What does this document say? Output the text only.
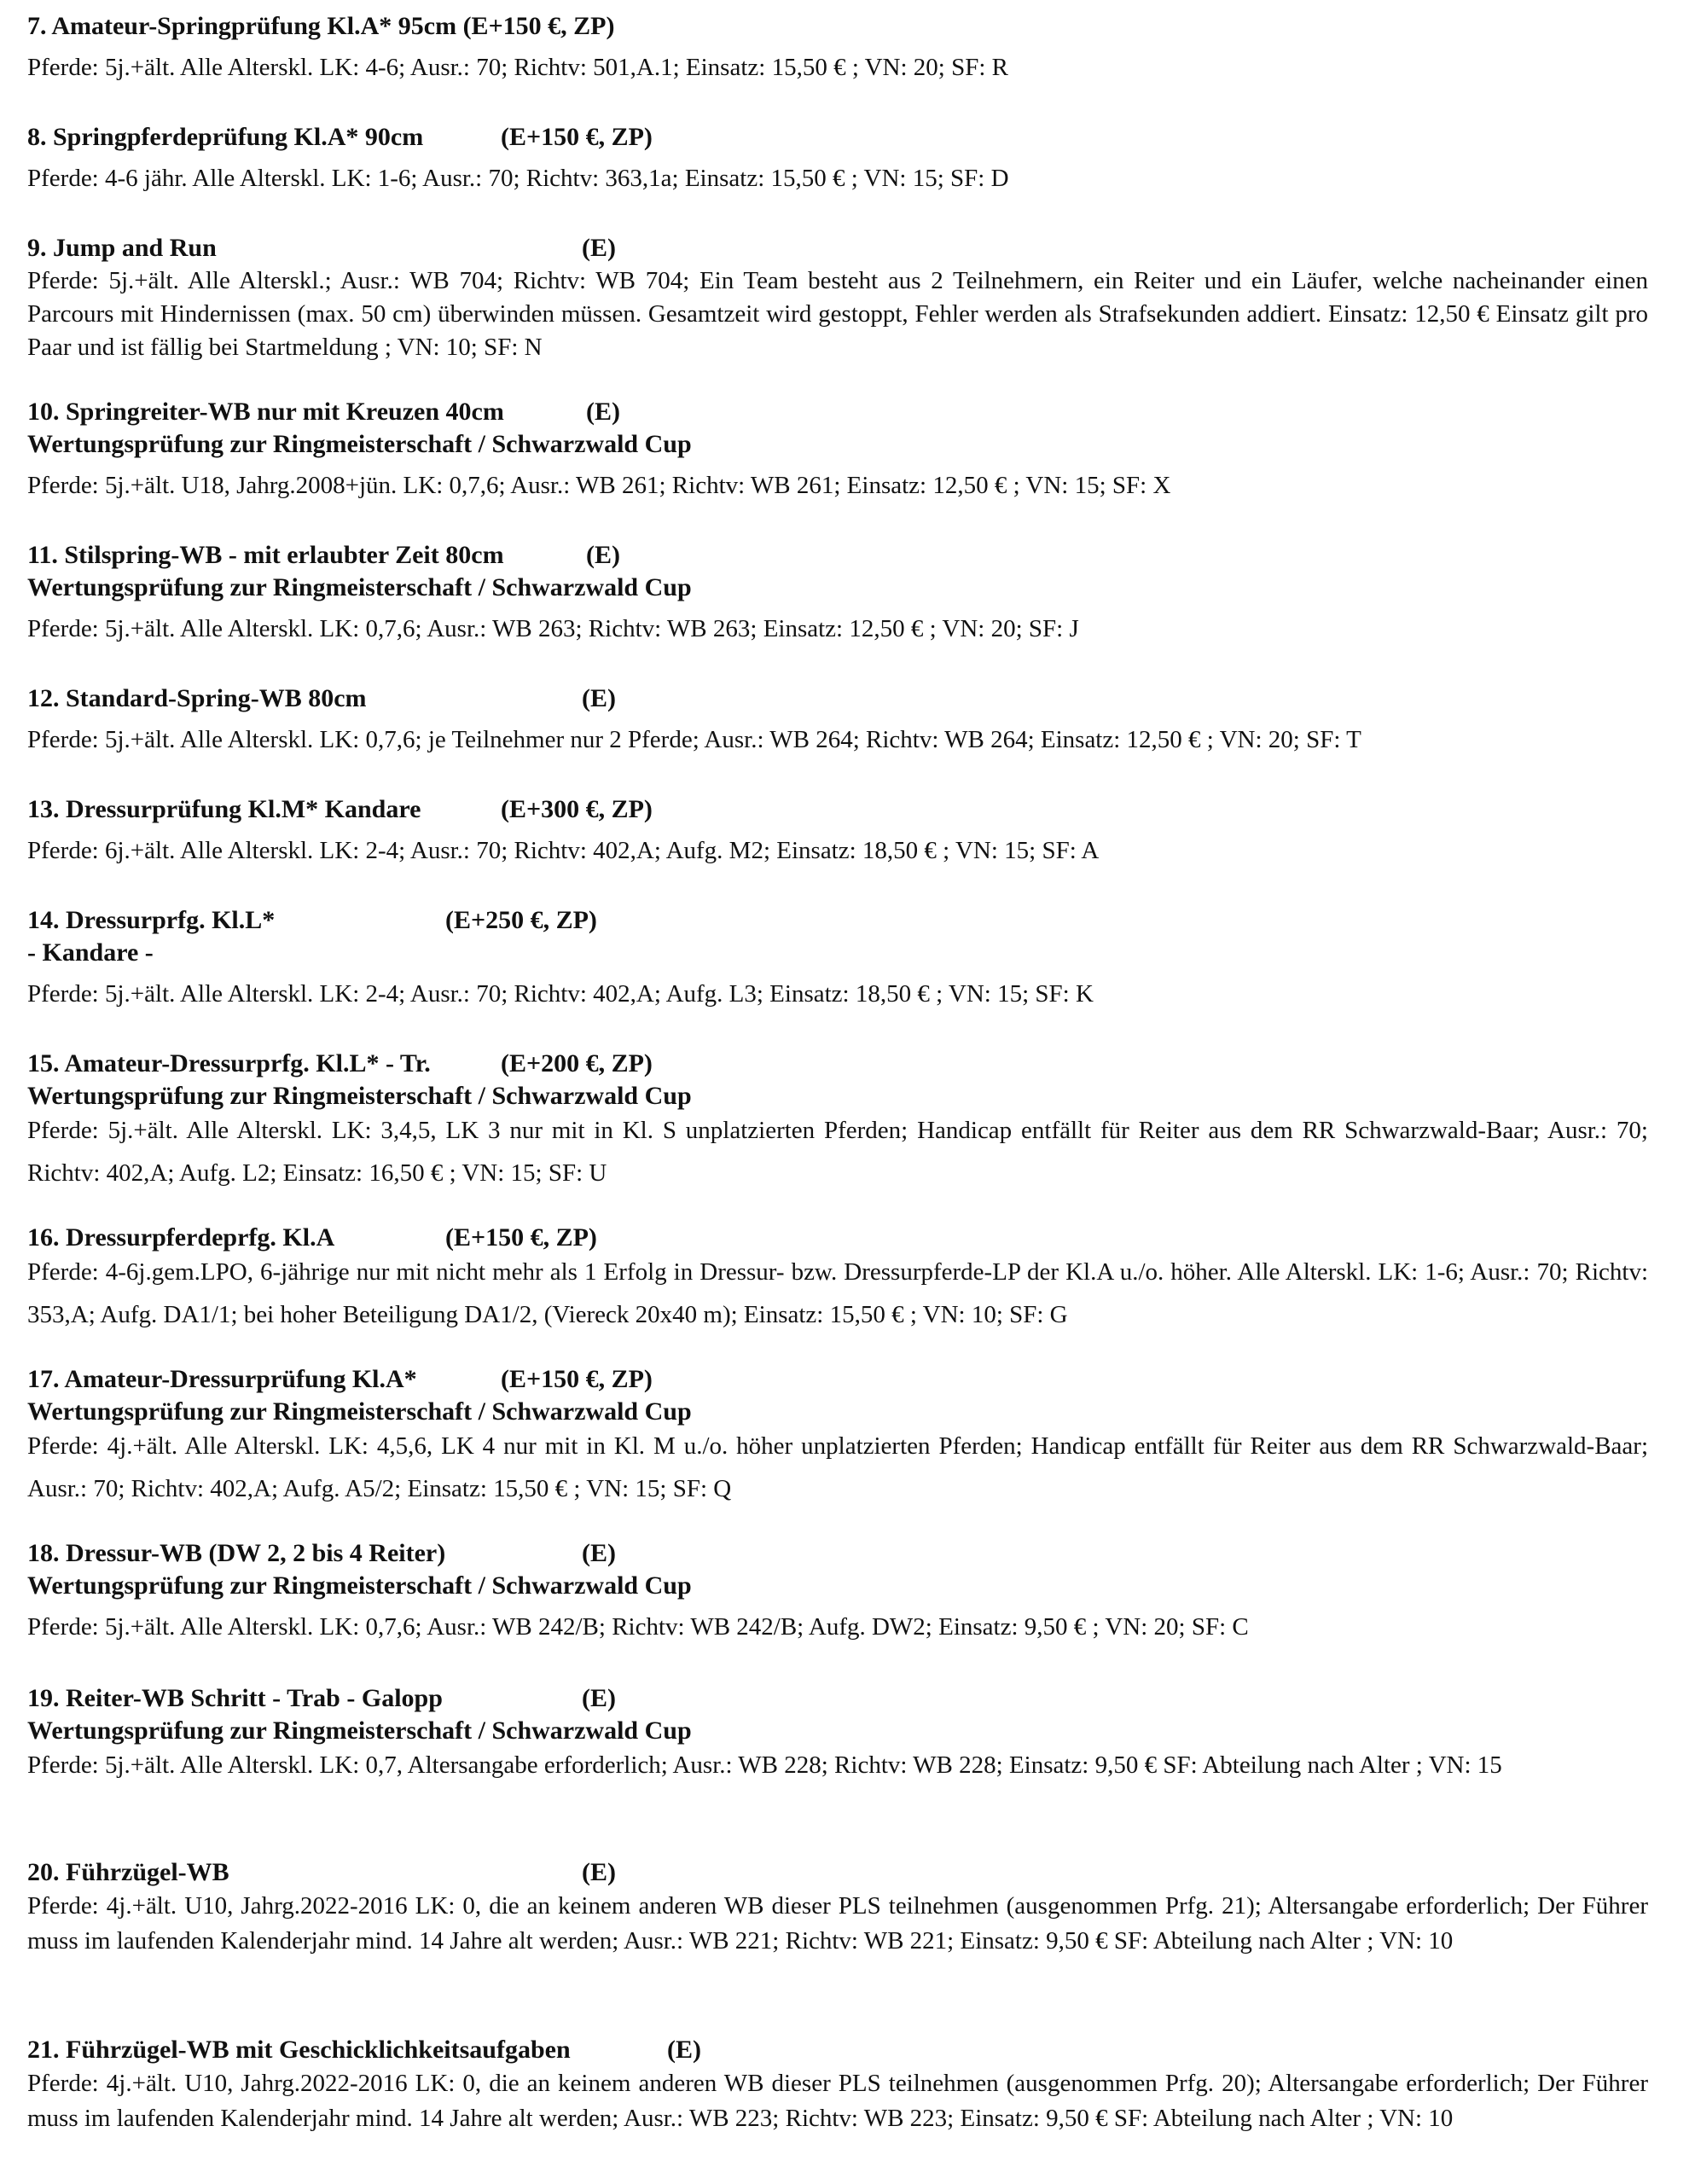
7. Amateur-Springprüfung Kl.A* 95cm (E+150 €, ZP)

Pferde: 5j.+ält. Alle Alterskl. LK: 4-6; Ausr.: 70; Richtv: 501,A.1; Einsatz: 15,50 € ; VN: 20; SF: R

8. Springpferdeprüfung Kl.A* 90cm	(E+150 €, ZP)

Pferde: 4-6 jähr. Alle Alterskl. LK: 1-6; Ausr.: 70; Richtv: 363,1a; Einsatz: 15,50 € ; VN: 15; SF: D

9. Jump and Run	(E)

Pferde: 5j.+ält. Alle Alterskl.; Ausr.: WB 704; Richtv: WB 704; Ein Team besteht aus 2 Teilnehmern, ein Reiter und ein Läufer, welche nacheinander einen Parcours mit Hindernissen (max. 50 cm) überwinden müssen. Gesamtzeit wird gestoppt, Fehler werden als Strafsekunden addiert. Einsatz: 12,50 € Einsatz gilt pro Paar und ist fällig bei Startmeldung ; VN: 10; SF: N

10. Springreiter-WB nur mit Kreuzen 40cm	(E)

Wertungsprüfung zur Ringmeisterschaft / Schwarzwald Cup

Pferde: 5j.+ält. U18, Jahrg.2008+jün. LK: 0,7,6; Ausr.: WB 261; Richtv: WB 261; Einsatz: 12,50 € ; VN: 15; SF: X

11. Stilspring-WB - mit erlaubter Zeit 80cm	(E)

Wertungsprüfung zur Ringmeisterschaft / Schwarzwald Cup

Pferde: 5j.+ält. Alle Alterskl. LK: 0,7,6; Ausr.: WB 263; Richtv: WB 263; Einsatz: 12,50 € ; VN: 20; SF: J

12. Standard-Spring-WB 80cm	(E)

Pferde: 5j.+ält. Alle Alterskl. LK: 0,7,6; je Teilnehmer nur 2 Pferde; Ausr.: WB 264; Richtv: WB 264; Einsatz: 12,50 € ; VN: 20; SF: T

13. Dressurprüfung Kl.M* Kandare	(E+300 €, ZP)

Pferde: 6j.+ält. Alle Alterskl. LK: 2-4; Ausr.: 70; Richtv: 402,A; Aufg. M2; Einsatz: 18,50 € ; VN: 15; SF: A

14. Dressurprfg. Kl.L*	(E+250 €, ZP)

- Kandare -

Pferde: 5j.+ält. Alle Alterskl. LK: 2-4; Ausr.: 70; Richtv: 402,A; Aufg. L3; Einsatz: 18,50 € ; VN: 15; SF: K

15. Amateur-Dressurprfg. Kl.L* - Tr.	(E+200 €, ZP)

Wertungsprüfung zur Ringmeisterschaft / Schwarzwald Cup

Pferde: 5j.+ält. Alle Alterskl. LK: 3,4,5, LK 3 nur mit in Kl. S unplatzierten Pferden; Handicap entfällt für Reiter aus dem RR Schwarzwald-Baar; Ausr.: 70; Richtv: 402,A; Aufg. L2; Einsatz: 16,50 € ; VN: 15; SF: U

16. Dressurpferdeprfg. Kl.A	(E+150 €, ZP)

Pferde: 4-6j.gem.LPO, 6-jährige nur mit nicht mehr als 1 Erfolg in Dressur- bzw. Dressurpferde-LP der Kl.A u./o. höher. Alle Alterskl. LK: 1-6; Ausr.: 70; Richtv: 353,A; Aufg. DA1/1; bei hoher Beteiligung DA1/2, (Viereck 20x40 m); Einsatz: 15,50 € ; VN: 10; SF: G

17. Amateur-Dressurprüfung Kl.A*	(E+150 €, ZP)

Wertungsprüfung zur Ringmeisterschaft / Schwarzwald Cup

Pferde: 4j.+ält. Alle Alterskl. LK: 4,5,6, LK 4 nur mit in Kl. M u./o. höher unplatzierten Pferden; Handicap entfällt für Reiter aus dem RR Schwarzwald-Baar; Ausr.: 70; Richtv: 402,A; Aufg. A5/2; Einsatz: 15,50 € ; VN: 15; SF: Q

18. Dressur-WB (DW 2, 2 bis 4 Reiter)	(E)

Wertungsprüfung zur Ringmeisterschaft / Schwarzwald Cup

Pferde: 5j.+ält. Alle Alterskl. LK: 0,7,6; Ausr.: WB 242/B; Richtv: WB 242/B; Aufg. DW2; Einsatz: 9,50 € ; VN: 20; SF: C

19. Reiter-WB Schritt - Trab - Galopp	(E)

Wertungsprüfung zur Ringmeisterschaft / Schwarzwald Cup

Pferde: 5j.+ält. Alle Alterskl. LK: 0,7, Altersangabe erforderlich; Ausr.: WB 228; Richtv: WB 228; Einsatz: 9,50 € SF: Abteilung nach Alter ; VN: 15

20. Führzügel-WB	(E)

Pferde: 4j.+ält. U10, Jahrg.2022-2016 LK: 0, die an keinem anderen WB dieser PLS teilnehmen (ausgenommen Prfg. 21); Altersangabe erforderlich; Der Führer muss im laufenden Kalenderjahr mind. 14 Jahre alt werden; Ausr.: WB 221; Richtv: WB 221; Einsatz: 9,50 € SF: Abteilung nach Alter ; VN: 10

21. Führzügel-WB mit Geschicklichkeitsaufgaben	(E)

Pferde: 4j.+ält. U10, Jahrg.2022-2016 LK: 0, die an keinem anderen WB dieser PLS teilnehmen (ausgenommen Prfg. 20); Altersangabe erforderlich; Der Führer muss im laufenden Kalenderjahr mind. 14 Jahre alt werden; Ausr.: WB 223; Richtv: WB 223; Einsatz: 9,50 € SF: Abteilung nach Alter ; VN: 10
